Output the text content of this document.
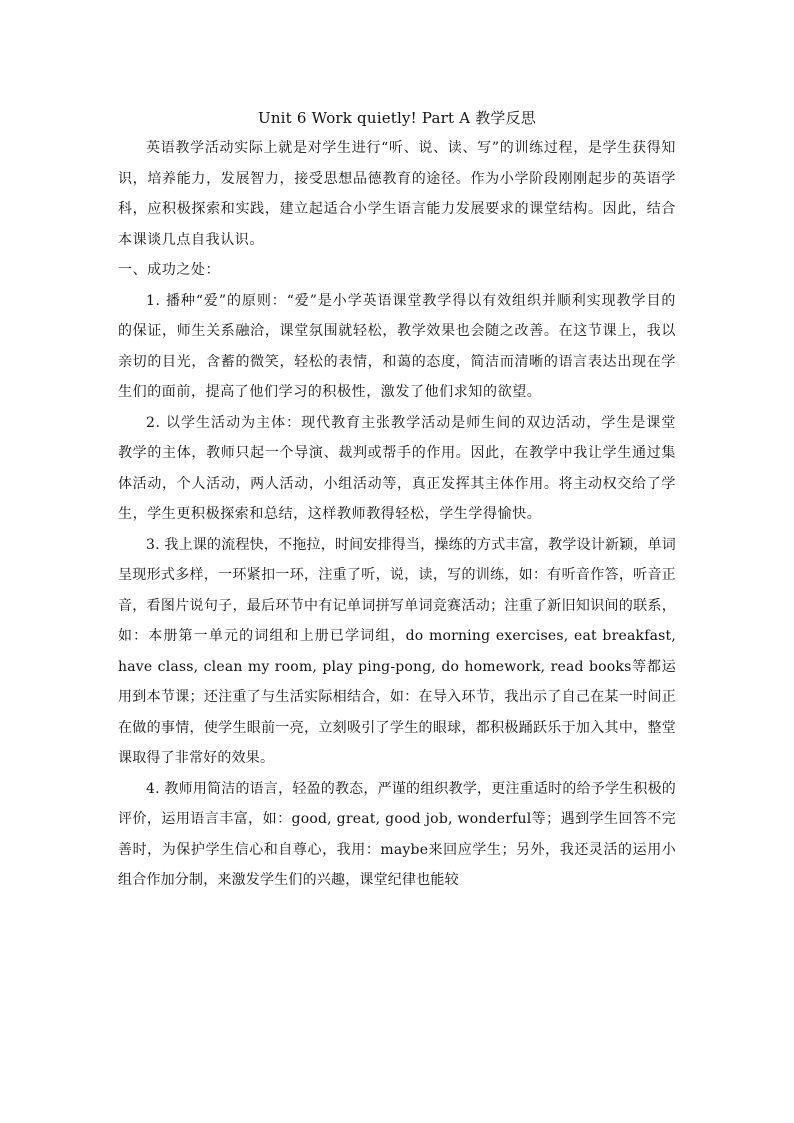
Unit 6 Work quietly! Part A 教学反思

英语教学活动实际上就是对学生进行“听、说、读、写”的训练过程，是学生获得知识，培养能力，发展智力，接受思想品德教育的途径。作为小学阶段刚刚起步的英语学科，应积极探索和实践，建立起适合小学生语言能力发展要求的课堂结构。因此，结合本课谈几点自我认识。

一、成功之处：

1. 播种“爱”的原则：“爱”是小学英语课堂教学得以有效组织并顺利实现教学目的的保证，师生关系融洽，课堂氛围就轻松，教学效果也会随之改善。在这节课上，我以亲切的目光，含蓄的微笑，轻松的表情，和蔼的态度，简洁而清晰的语言表达出现在学生们的面前，提高了他们学习的积极性，激发了他们求知的欲望。

2. 以学生活动为主体：现代教育主张教学活动是师生间的双边活动，学生是课堂教学的主体，教师只起一个导演、裁判或帮手的作用。因此，在教学中我让学生通过集体活动，个人活动，两人活动，小组活动等，真正发挥其主体作用。将主动权交给了学生，学生更积极探索和总结，这样教师教得轻松，学生学得愉快。

3. 我上课的流程快，不拖拉，时间安排得当，操练的方式丰富，教学设计新颖，单词呈现形式多样，一环紧扣一环，注重了听，说，读，写的训练，如：有听音作答，听音正音，看图片说句子，最后环节中有记单词拼写单词竞赛活动；注重了新旧知识间的联系，如：本册第一单元的词组和上册已学词组，do morning exercises, eat breakfast, have class, clean my room, play ping-pong, do homework, read books等都运用到本节课；还注重了与生活实际相结合，如：在导入环节，我出示了自己在某一时间正在做的事情，使学生眼前一亮，立刻吸引了学生的眼球，都积极踊跃乐于加入其中，整堂课取得了非常好的效果。

4. 教师用简洁的语言，轻盈的教态，严谨的组织教学，更注重适时的给予学生积极的评价，运用语言丰富，如：good, great, good job, wonderful等；遇到学生回答不完善时，为保护学生信心和自尊心，我用：maybe来回应学生；另外，我还灵活的运用小组合作加分制，来激发学生们的兴趣，课堂纪律也能较
